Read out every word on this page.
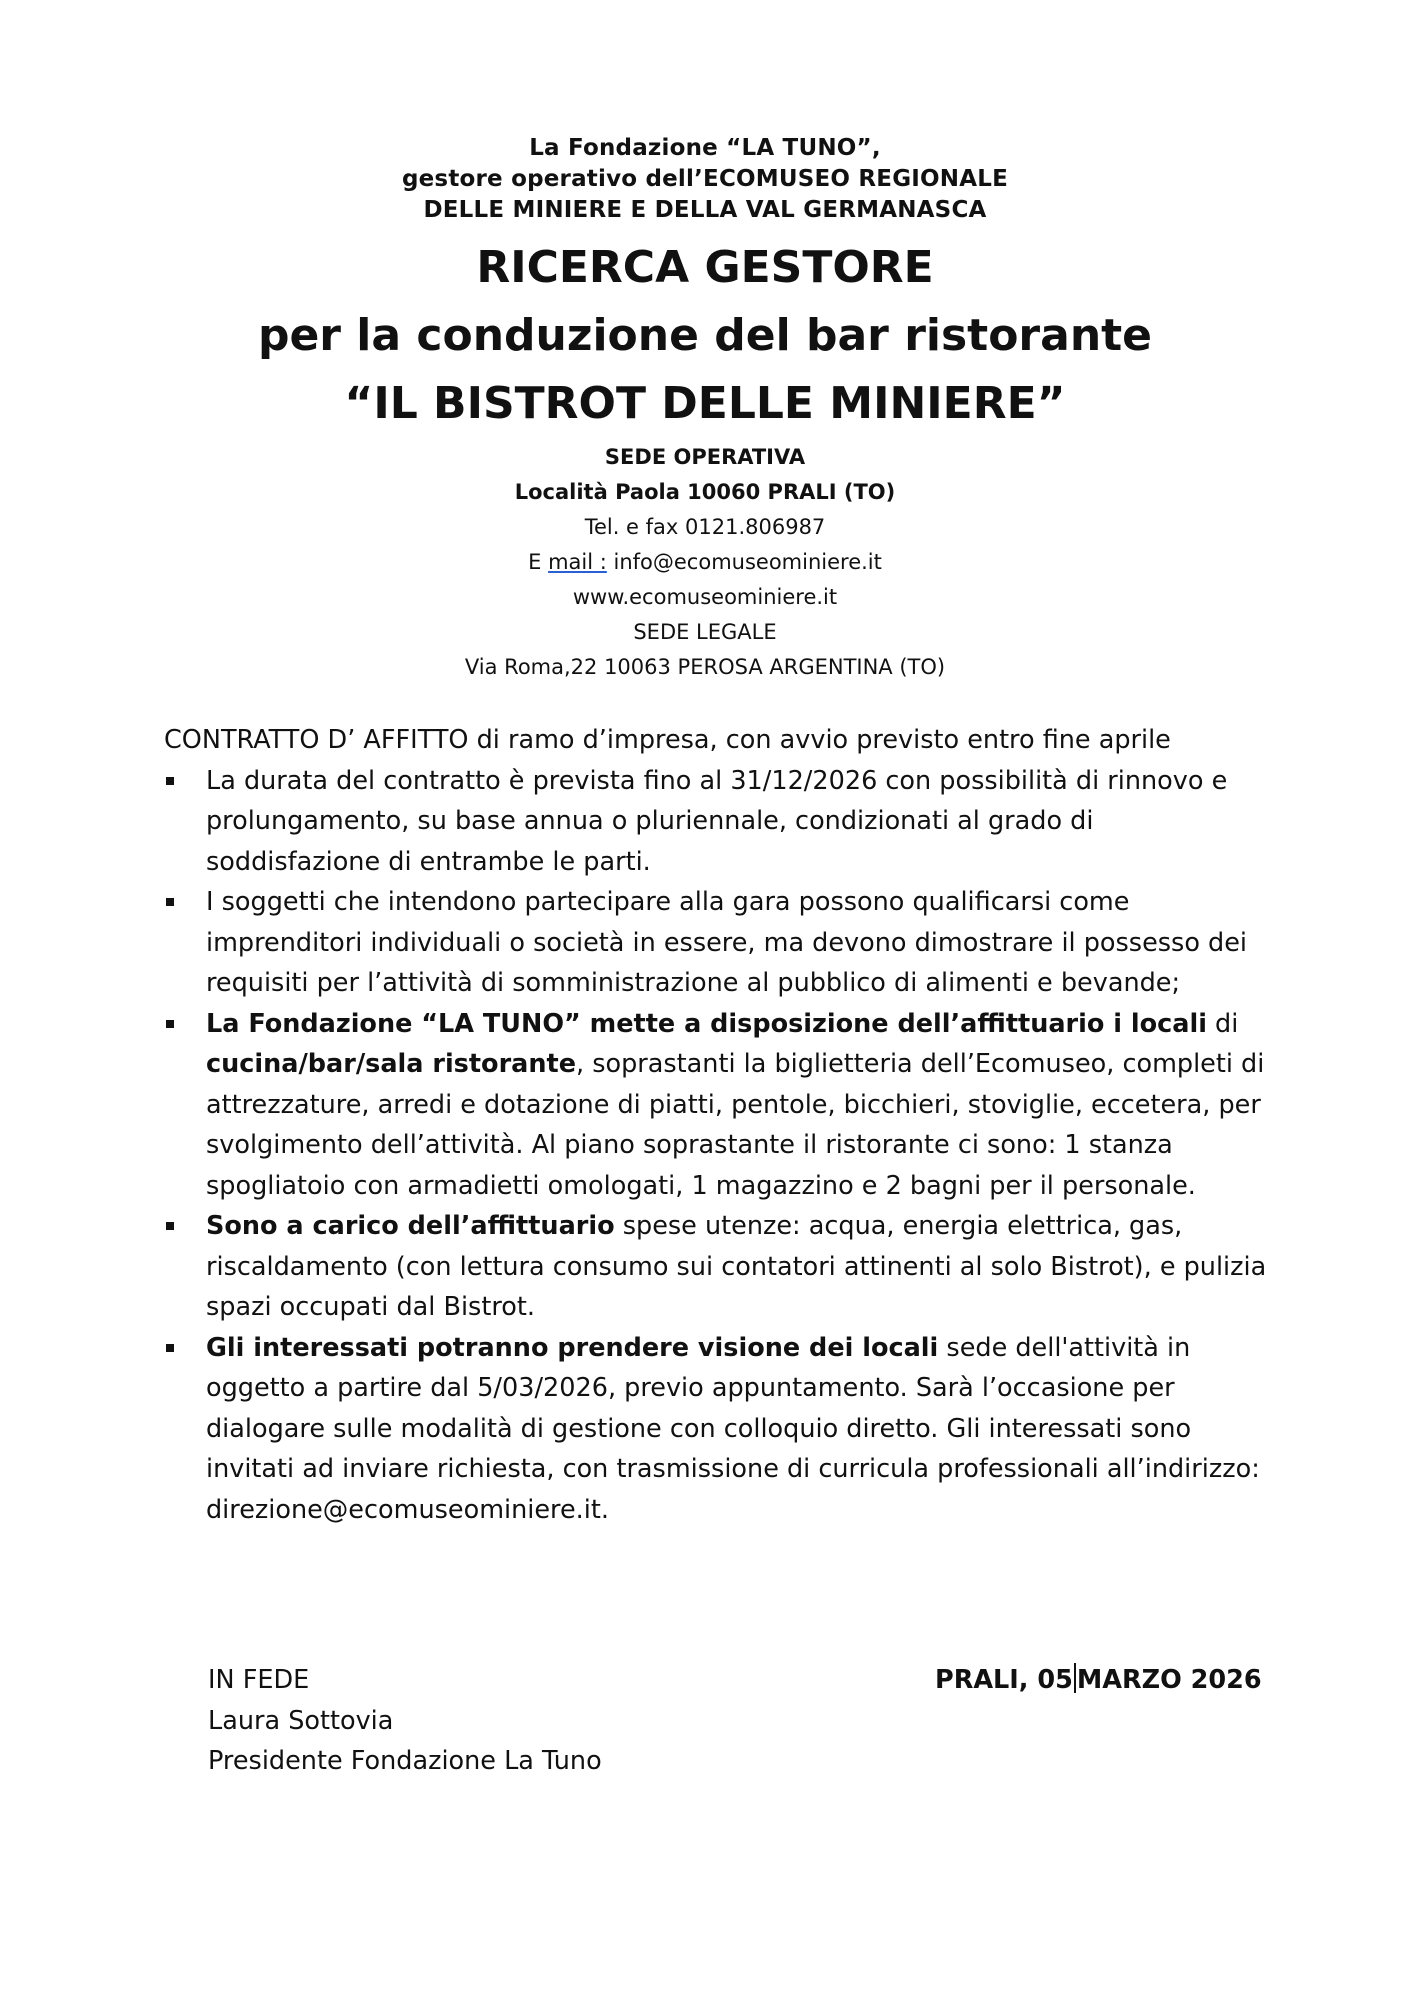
La Fondazione “LA TUNO”,
gestore operativo dell’ECOMUSEO REGIONALE
DELLE MINIERE E DELLA VAL GERMANASCA
RICERCA GESTORE
per la conduzione del bar ristorante
“IL BISTROT DELLE MINIERE”
SEDE OPERATIVA
Località Paola 10060 PRALI (TO)
Tel. e fax 0121.806987
E mail : info@ecomuseominiere.it
www.ecomuseominiere.it
SEDE LEGALE
Via Roma,22 10063 PEROSA ARGENTINA (TO)

CONTRATTO D’ AFFITTO di ramo d’impresa, con avvio previsto entro fine aprile

La durata del contratto è prevista fino al 31/12/2026 con possibilità di rinnovo e prolungamento, su base annua o pluriennale, condizionati al grado di soddisfazione di entrambe le parti.
I soggetti che intendono partecipare alla gara possono qualificarsi come imprenditori individuali o società in essere, ma devono dimostrare il possesso dei requisiti per l’attività di somministrazione al pubblico di alimenti e bevande;
La Fondazione “LA TUNO” mette a disposizione dell’affittuario i locali di cucina/bar/sala ristorante, soprastanti la biglietteria dell’Ecomuseo, completi di attrezzature, arredi e dotazione di piatti, pentole, bicchieri, stoviglie, eccetera, per svolgimento dell’attività. Al piano soprastante il ristorante ci sono: 1 stanza spogliatoio con armadietti omologati, 1 magazzino e 2 bagni per il personale.
Sono a carico dell’affittuario spese utenze: acqua, energia elettrica, gas, riscaldamento (con lettura consumo sui contatori attinenti al solo Bistrot), e pulizia spazi occupati dal Bistrot.
Gli interessati potranno prendere visione dei locali sede dell'attività in oggetto a partire dal 5/03/2026, previo appuntamento. Sarà l’occasione per dialogare sulle modalità di gestione con colloquio diretto. Gli interessati sono invitati ad inviare richiesta, con trasmissione di curricula professionali all’indirizzo: direzione@ecomuseominiere.it.
IN FEDE
Laura Sottovia
Presidente Fondazione La Tuno
PRALI, 05 MARZO 2026
